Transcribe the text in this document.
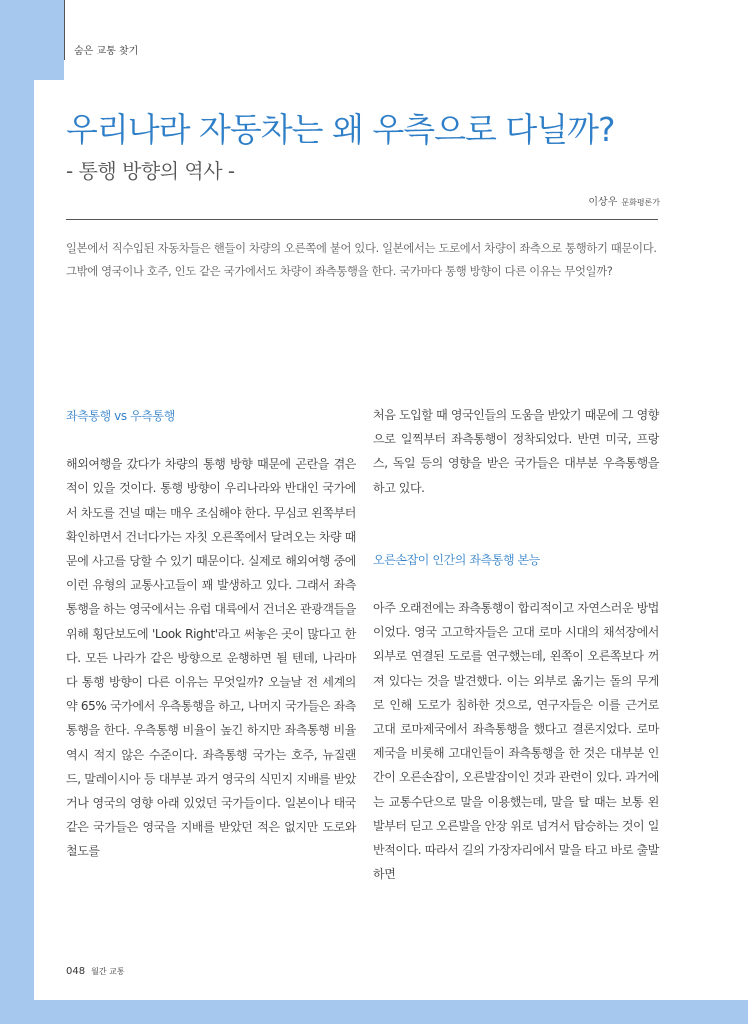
숨은 교통 찾기
우리나라 자동차는 왜 우측으로 다닐까?
- 통행 방향의 역사 -
이상우 문화평론가
일본에서 직수입된 자동차들은 핸들이 차량의 오른쪽에 붙어 있다. 일본에서는 도로에서 차량이 좌측으로 통행하기 때문이다. 그밖에 영국이나 호주, 인도 같은 국가에서도 차량이 좌측통행을 한다. 국가마다 통행 방향이 다른 이유는 무엇일까?
좌측통행 vs 우측통행

해외여행을 갔다가 차량의 통행 방향 때문에 곤란을 겪은 적이 있을 것이다. 통행 방향이 우리나라와 반대인 국가에서 차도를 건널 때는 매우 조심해야 한다. 무심코 왼쪽부터 확인하면서 건너다가는 자칫 오른쪽에서 달려오는 차량 때문에 사고를 당할 수 있기 때문이다. 실제로 해외여행 중에 이런 유형의 교통사고들이 꽤 발생하고 있다. 그래서 좌측통행을 하는 영국에서는 유럽 대륙에서 건너온 관광객들을 위해 횡단보도에 'Look Right'라고 써놓은 곳이 많다고 한다. 모든 나라가 같은 방향으로 운행하면 될 텐데, 나라마다 통행 방향이 다른 이유는 무엇일까? 오늘날 전 세계의 약 65% 국가에서 우측통행을 하고, 나머지 국가들은 좌측통행을 한다. 우측통행 비율이 높긴 하지만 좌측통행 비율 역시 적지 않은 수준이다. 좌측통행 국가는 호주, 뉴질랜드, 말레이시아 등 대부분 과거 영국의 식민지 지배를 받았거나 영국의 영향 아래 있었던 국가들이다. 일본이나 태국 같은 국가들은 영국을 지배를 받았던 적은 없지만 도로와 철도를

처음 도입할 때 영국인들의 도움을 받았기 때문에 그 영향으로 일찍부터 좌측통행이 정착되었다. 반면 미국, 프랑스, 독일 등의 영향을 받은 국가들은 대부분 우측통행을 하고 있다.

오른손잡이 인간의 좌측통행 본능

아주 오래전에는 좌측통행이 합리적이고 자연스러운 방법이었다. 영국 고고학자들은 고대 로마 시대의 채석장에서 외부로 연결된 도로를 연구했는데, 왼쪽이 오른쪽보다 꺼져 있다는 것을 발견했다. 이는 외부로 옮기는 돌의 무게로 인해 도로가 침하한 것으로, 연구자들은 이를 근거로 고대 로마제국에서 좌측통행을 했다고 결론지었다. 로마제국을 비롯해 고대인들이 좌측통행을 한 것은 대부분 인간이 오른손잡이, 오른발잡이인 것과 관련이 있다. 과거에는 교통수단으로 말을 이용했는데, 말을 탈 때는 보통 왼발부터 딛고 오른발을 안장 위로 넘겨서 탑승하는 것이 일반적이다. 따라서 길의 가장자리에서 말을 타고 바로 출발하면

048 월간 교통
